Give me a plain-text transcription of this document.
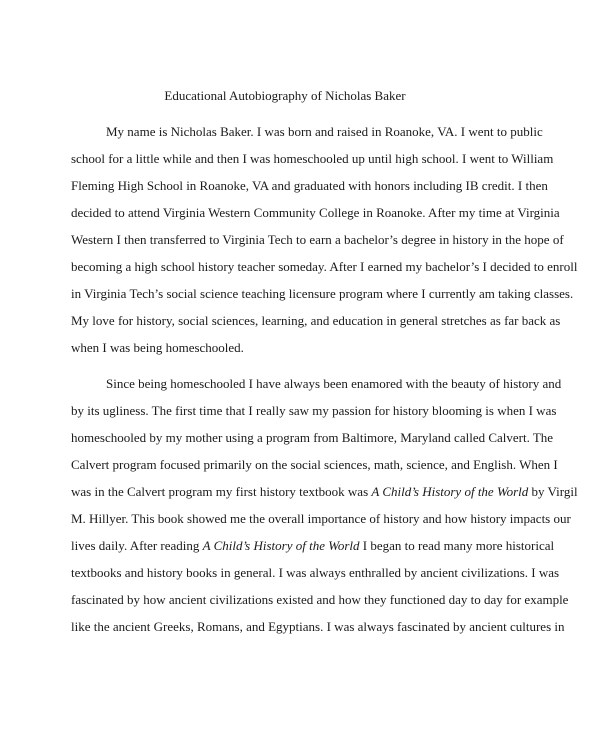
Educational Autobiography of Nicholas Baker
My name is Nicholas Baker. I was born and raised in Roanoke, VA. I went to public
school for a little while and then I was homeschooled up until high school. I went to William
Fleming High School in Roanoke, VA and graduated with honors including IB credit. I then
decided to attend Virginia Western Community College in Roanoke. After my time at Virginia
Western I then transferred to Virginia Tech to earn a bachelor’s degree in history in the hope of
becoming a high school history teacher someday. After I earned my bachelor’s I decided to enroll
in Virginia Tech’s social science teaching licensure program where I currently am taking classes.
My love for history, social sciences, learning, and education in general stretches as far back as
when I was being homeschooled.
Since being homeschooled I have always been enamored with the beauty of history and
by its ugliness. The first time that I really saw my passion for history blooming is when I was
homeschooled by my mother using a program from Baltimore, Maryland called Calvert. The
Calvert program focused primarily on the social sciences, math, science, and English. When I
was in the Calvert program my first history textbook was A Child’s History of the World by Virgil
M. Hillyer. This book showed me the overall importance of history and how history impacts our
lives daily. After reading A Child’s History of the World I began to read many more historical
textbooks and history books in general. I was always enthralled by ancient civilizations. I was
fascinated by how ancient civilizations existed and how they functioned day to day for example
like the ancient Greeks, Romans, and Egyptians. I was always fascinated by ancient cultures in
